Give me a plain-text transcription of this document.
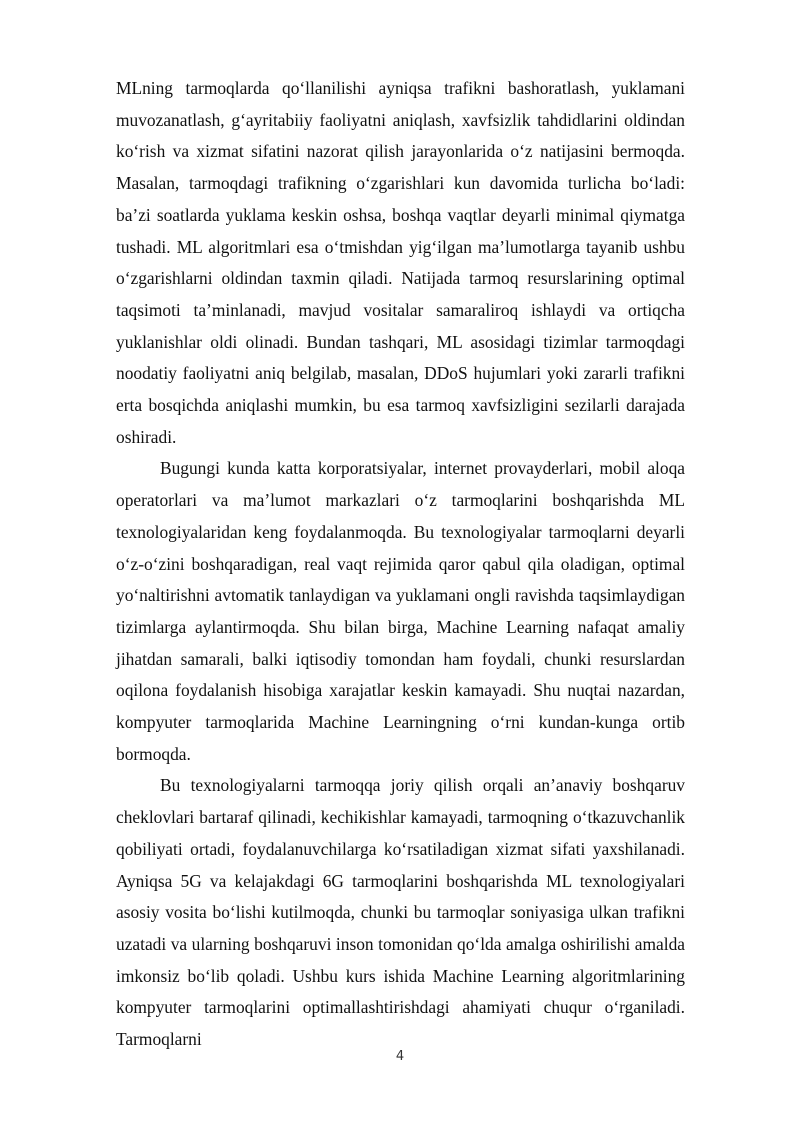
MLning tarmoqlarda qo‘llanilishi ayniqsa trafikni bashoratlash, yuklamani muvozanatlash, g‘ayritabiiy faoliyatni aniqlash, xavfsizlik tahdidlarini oldindan ko‘rish va xizmat sifatini nazorat qilish jarayonlarida o‘z natijasini bermoqda. Masalan, tarmoqdagi trafikning o‘zgarishlari kun davomida turlicha bo‘ladi: ba’zi soatlarda yuklama keskin oshsa, boshqa vaqtlar deyarli minimal qiymatga tushadi. ML algoritmlari esa o‘tmishdan yig‘ilgan ma’lumotlarga tayanib ushbu o‘zgarishlarni oldindan taxmin qiladi. Natijada tarmoq resurslarining optimal taqsimoti ta’minlanadi, mavjud vositalar samaraliroq ishlaydi va ortiqcha yuklanishlar oldi olinadi. Bundan tashqari, ML asosidagi tizimlar tarmoqdagi noodatiy faoliyatni aniq belgilab, masalan, DDoS hujumlari yoki zararli trafikni erta bosqichda aniqlashi mumkin, bu esa tarmoq xavfsizligini sezilarli darajada oshiradi.

Bugungi kunda katta korporatsiyalar, internet provayderlari, mobil aloqa operatorlari va ma’lumot markazlari o‘z tarmoqlarini boshqarishda ML texnologiyalaridan keng foydalanmoqda. Bu texnologiyalar tarmoqlarni deyarli o‘z-o‘zini boshqaradigan, real vaqt rejimida qaror qabul qila oladigan, optimal yo‘naltirishni avtomatik tanlaydigan va yuklamani ongli ravishda taqsimlaydigan tizimlarga aylantirmoqda. Shu bilan birga, Machine Learning nafaqat amaliy jihatdan samarali, balki iqtisodiy tomondan ham foydali, chunki resurslardan oqilona foydalanish hisobiga xarajatlar keskin kamayadi. Shu nuqtai nazardan, kompyuter tarmoqlarida Machine Learningning o‘rni kundan-kunga ortib bormoqda.

Bu texnologiyalarni tarmoqqa joriy qilish orqali an’anaviy boshqaruv cheklovlari bartaraf qilinadi, kechikishlar kamayadi, tarmoqning o‘tkazuvchanlik qobiliyati ortadi, foydalanuvchilarga ko‘rsatiladigan xizmat sifati yaxshilanadi. Ayniqsa 5G va kelajakdagi 6G tarmoqlarini boshqarishda ML texnologiyalari asosiy vosita bo‘lishi kutilmoqda, chunki bu tarmoqlar soniyasiga ulkan trafikni uzatadi va ularning boshqaruvi inson tomonidan qo‘lda amalga oshirilishi amalda imkonsiz bo‘lib qoladi. Ushbu kurs ishida Machine Learning algoritmlarining kompyuter tarmoqlarini optimallashtirishdagi ahamiyati chuqur o‘rganiladi. Tarmoqlarni

4
